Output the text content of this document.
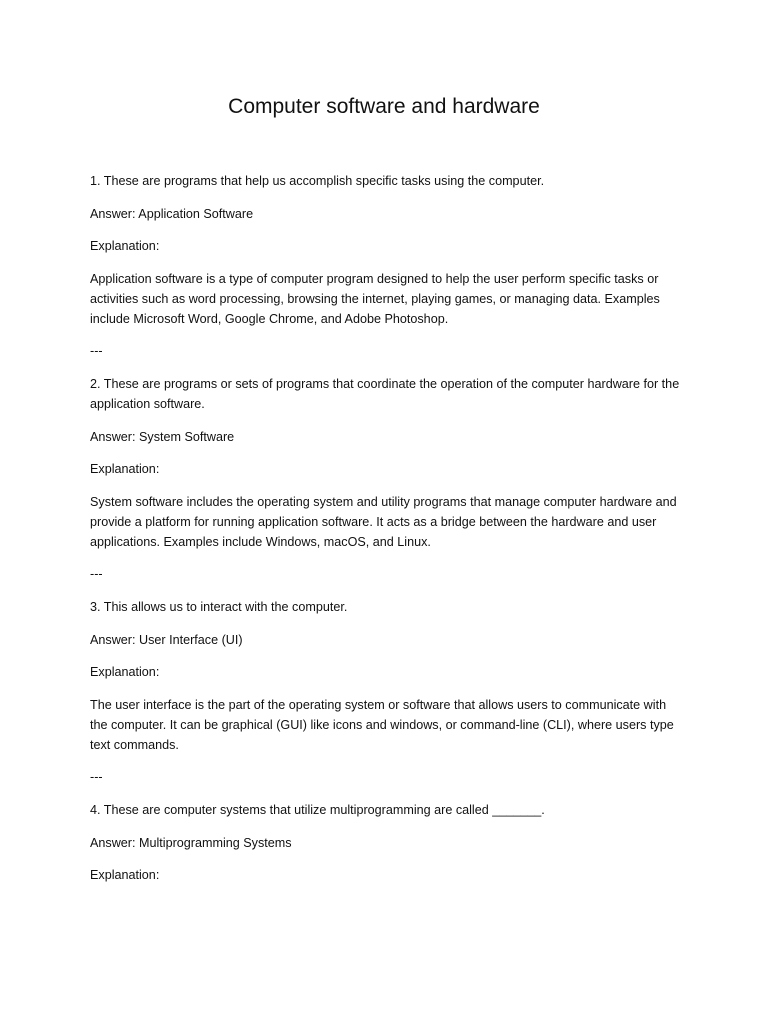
Computer software and hardware

1. These are programs that help us accomplish specific tasks using the computer.

Answer: Application Software

Explanation:

Application software is a type of computer program designed to help the user perform specific tasks or activities such as word processing, browsing the internet, playing games, or managing data. Examples include Microsoft Word, Google Chrome, and Adobe Photoshop.

---

2. These are programs or sets of programs that coordinate the operation of the computer hardware for the application software.

Answer: System Software

Explanation:

System software includes the operating system and utility programs that manage computer hardware and provide a platform for running application software. It acts as a bridge between the hardware and user applications. Examples include Windows, macOS, and Linux.

---

3. This allows us to interact with the computer.

Answer: User Interface (UI)

Explanation:

The user interface is the part of the operating system or software that allows users to communicate with the computer. It can be graphical (GUI) like icons and windows, or command-line (CLI), where users type text commands.

---

4. These are computer systems that utilize multiprogramming are called _______.

Answer: Multiprogramming Systems

Explanation:
